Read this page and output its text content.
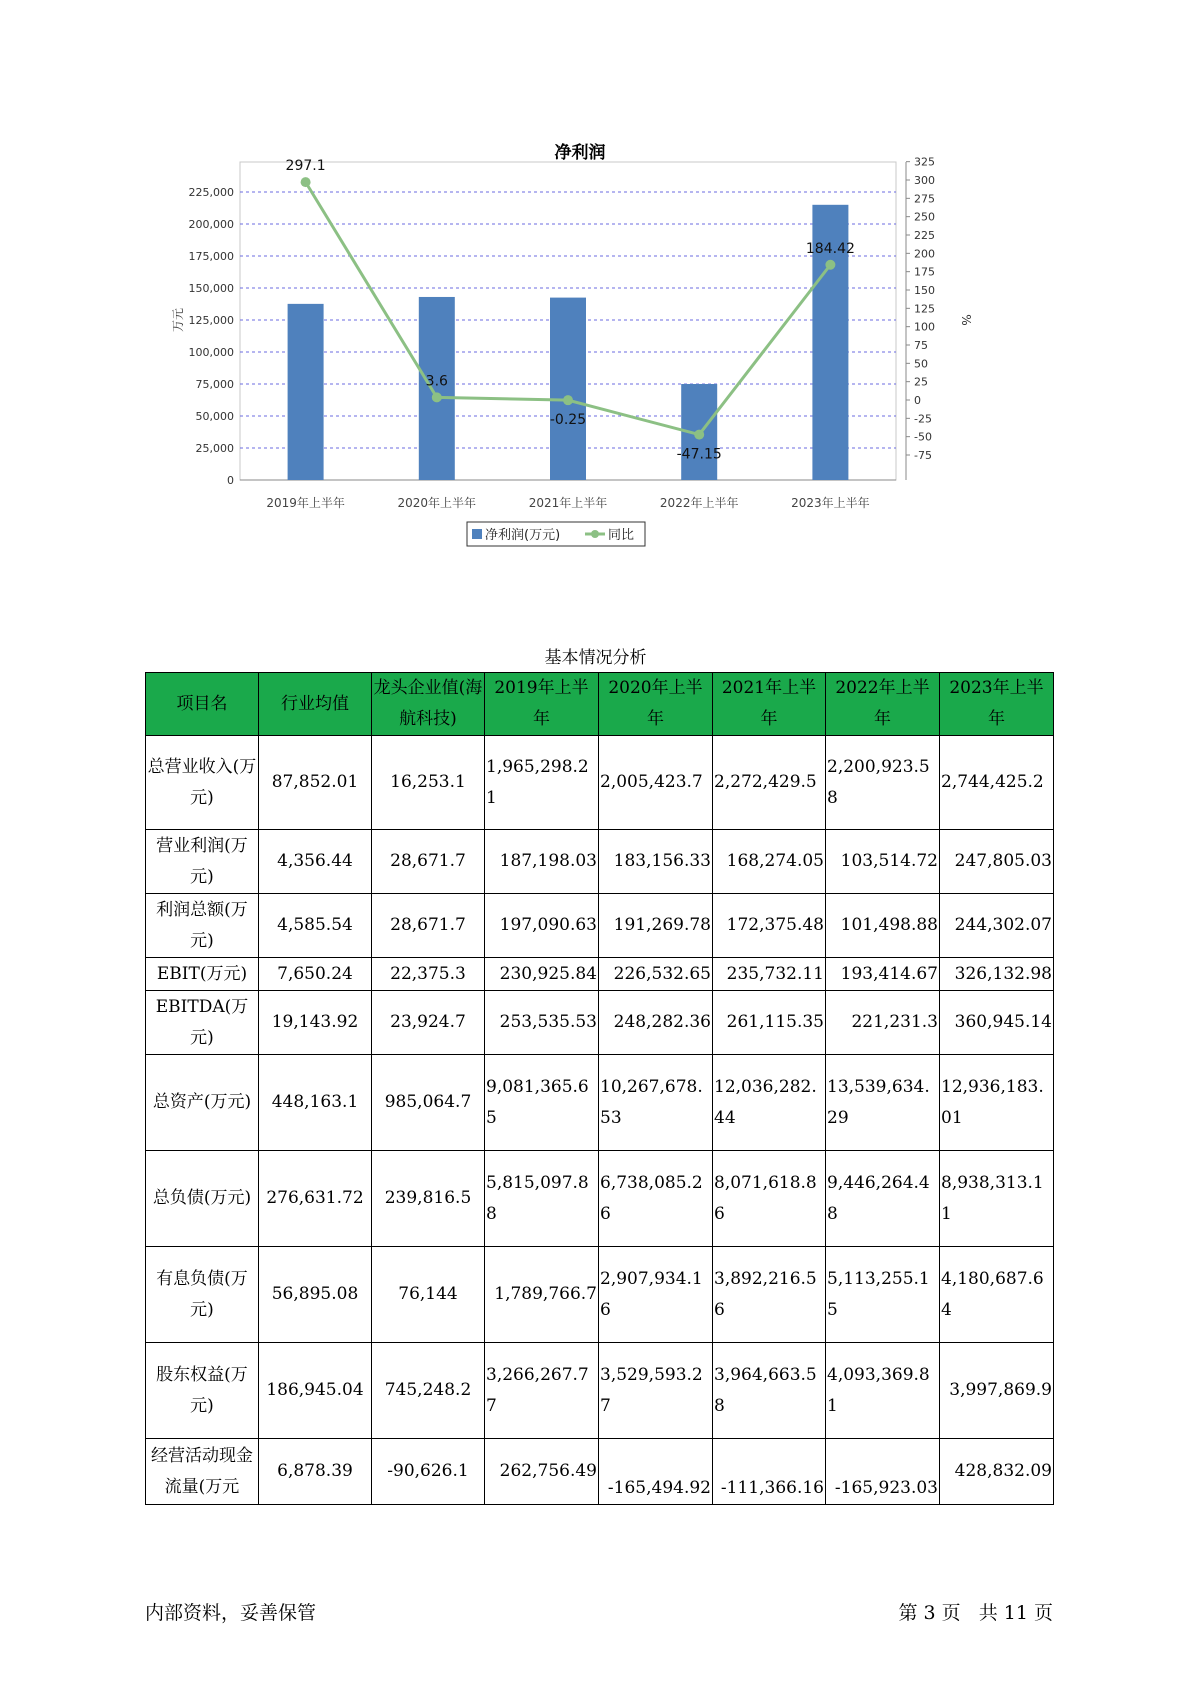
净利润
0
25,000
50,000
75,000
100,000
125,000
150,000
175,000
200,000
225,000
万元
-75
-50
-25
0
25
50
75
100
125
150
175
200
225
250
275
300
325
%
2019年上半年	2020年上半年	2021年上半年	2022年上半年	2023年上半年
297.1
3.6
-0.25
-47.15
184.42
净利润(万元)	同比
基本情况分析
项目名	行业均值	龙头企业值(海航科技)	2019年上半年	2020年上半年	2021年上半年	2022年上半年	2023年上半年
总营业收入(万元)	87,852.01	16,253.1	1,965,298.21	2,005,423.7	2,272,429.5	2,200,923.58	2,744,425.2
营业利润(万元)	4,356.44	28,671.7	187,198.03	183,156.33	168,274.05	103,514.72	247,805.03
利润总额(万元)	4,585.54	28,671.7	197,090.63	191,269.78	172,375.48	101,498.88	244,302.07
EBIT(万元)	7,650.24	22,375.3	230,925.84	226,532.65	235,732.11	193,414.67	326,132.98
EBITDA(万元)	19,143.92	23,924.7	253,535.53	248,282.36	261,115.35	221,231.3	360,945.14
总资产(万元)	448,163.1	985,064.7	9,081,365.65	10,267,678.53	12,036,282.44	13,539,634.29	12,936,183.01
总负债(万元)	276,631.72	239,816.5	5,815,097.88	6,738,085.26	8,071,618.86	9,446,264.48	8,938,313.11
有息负债(万元)	56,895.08	76,144	1,789,766.7	2,907,934.16	3,892,216.56	5,113,255.15	4,180,687.64
股东权益(万元)	186,945.04	745,248.2	3,266,267.77	3,529,593.27	3,964,663.58	4,093,369.81	3,997,869.9
经营活动现金流量(万元	6,878.39	-90,626.1	262,756.49	-165,494.92	-111,366.16	-165,923.03	428,832.09
内部资料，妥善保管	第 3 页   共 11 页
